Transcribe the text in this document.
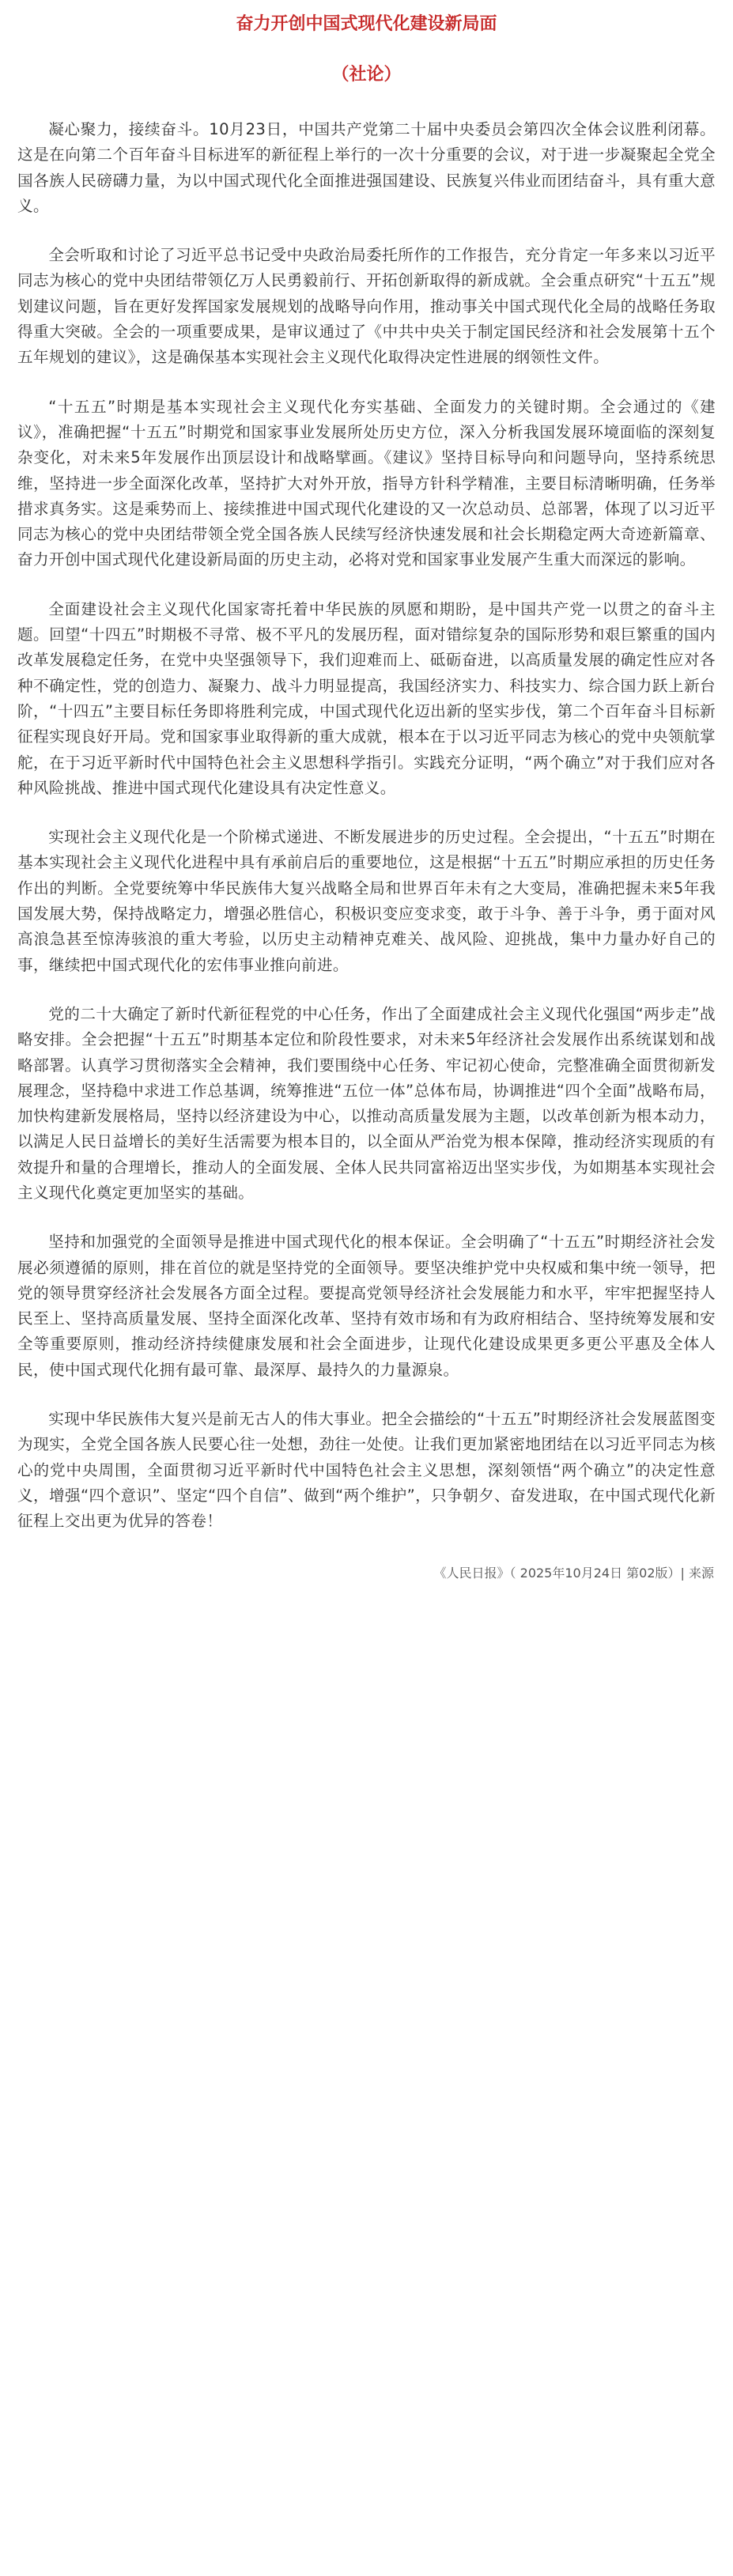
奋力开创中国式现代化建设新局面
（社论）

凝心聚力，接续奋斗。10月23日，中国共产党第二十届中央委员会第四次全体会议胜利闭幕。这是在向第二个百年奋斗目标进军的新征程上举行的一次十分重要的会议，对于进一步凝聚起全党全国各族人民磅礴力量，为以中国式现代化全面推进强国建设、民族复兴伟业而团结奋斗，具有重大意义。

全会听取和讨论了习近平总书记受中央政治局委托所作的工作报告，充分肯定一年多来以习近平同志为核心的党中央团结带领亿万人民勇毅前行、开拓创新取得的新成就。全会重点研究“十五五”规划建议问题，旨在更好发挥国家发展规划的战略导向作用，推动事关中国式现代化全局的战略任务取得重大突破。全会的一项重要成果，是审议通过了《中共中央关于制定国民经济和社会发展第十五个五年规划的建议》，这是确保基本实现社会主义现代化取得决定性进展的纲领性文件。

“十五五”时期是基本实现社会主义现代化夯实基础、全面发力的关键时期。全会通过的《建议》，准确把握“十五五”时期党和国家事业发展所处历史方位，深入分析我国发展环境面临的深刻复杂变化，对未来5年发展作出顶层设计和战略擘画。《建议》坚持目标导向和问题导向，坚持系统思维，坚持进一步全面深化改革，坚持扩大对外开放，指导方针科学精准，主要目标清晰明确，任务举措求真务实。这是乘势而上、接续推进中国式现代化建设的又一次总动员、总部署，体现了以习近平同志为核心的党中央团结带领全党全国各族人民续写经济快速发展和社会长期稳定两大奇迹新篇章、奋力开创中国式现代化建设新局面的历史主动，必将对党和国家事业发展产生重大而深远的影响。

全面建设社会主义现代化国家寄托着中华民族的夙愿和期盼，是中国共产党一以贯之的奋斗主题。回望“十四五”时期极不寻常、极不平凡的发展历程，面对错综复杂的国际形势和艰巨繁重的国内改革发展稳定任务，在党中央坚强领导下，我们迎难而上、砥砺奋进，以高质量发展的确定性应对各种不确定性，党的创造力、凝聚力、战斗力明显提高，我国经济实力、科技实力、综合国力跃上新台阶，“十四五”主要目标任务即将胜利完成，中国式现代化迈出新的坚实步伐，第二个百年奋斗目标新征程实现良好开局。党和国家事业取得新的重大成就，根本在于以习近平同志为核心的党中央领航掌舵，在于习近平新时代中国特色社会主义思想科学指引。实践充分证明，“两个确立”对于我们应对各种风险挑战、推进中国式现代化建设具有决定性意义。

实现社会主义现代化是一个阶梯式递进、不断发展进步的历史过程。全会提出，“十五五”时期在基本实现社会主义现代化进程中具有承前启后的重要地位，这是根据“十五五”时期应承担的历史任务作出的判断。全党要统筹中华民族伟大复兴战略全局和世界百年未有之大变局，准确把握未来5年我国发展大势，保持战略定力，增强必胜信心，积极识变应变求变，敢于斗争、善于斗争，勇于面对风高浪急甚至惊涛骇浪的重大考验，以历史主动精神克难关、战风险、迎挑战，集中力量办好自己的事，继续把中国式现代化的宏伟事业推向前进。

党的二十大确定了新时代新征程党的中心任务，作出了全面建成社会主义现代化强国“两步走”战略安排。全会把握“十五五”时期基本定位和阶段性要求，对未来5年经济社会发展作出系统谋划和战略部署。认真学习贯彻落实全会精神，我们要围绕中心任务、牢记初心使命，完整准确全面贯彻新发展理念，坚持稳中求进工作总基调，统筹推进“五位一体”总体布局，协调推进“四个全面”战略布局，加快构建新发展格局，坚持以经济建设为中心，以推动高质量发展为主题，以改革创新为根本动力，以满足人民日益增长的美好生活需要为根本目的，以全面从严治党为根本保障，推动经济实现质的有效提升和量的合理增长，推动人的全面发展、全体人民共同富裕迈出坚实步伐，为如期基本实现社会主义现代化奠定更加坚实的基础。

坚持和加强党的全面领导是推进中国式现代化的根本保证。全会明确了“十五五”时期经济社会发展必须遵循的原则，排在首位的就是坚持党的全面领导。要坚决维护党中央权威和集中统一领导，把党的领导贯穿经济社会发展各方面全过程。要提高党领导经济社会发展能力和水平，牢牢把握坚持人民至上、坚持高质量发展、坚持全面深化改革、坚持有效市场和有为政府相结合、坚持统筹发展和安全等重要原则，推动经济持续健康发展和社会全面进步，让现代化建设成果更多更公平惠及全体人民，使中国式现代化拥有最可靠、最深厚、最持久的力量源泉。

实现中华民族伟大复兴是前无古人的伟大事业。把全会描绘的“十五五”时期经济社会发展蓝图变为现实，全党全国各族人民要心往一处想，劲往一处使。让我们更加紧密地团结在以习近平同志为核心的党中央周围，全面贯彻习近平新时代中国特色社会主义思想，深刻领悟“两个确立”的决定性意义，增强“四个意识”、坚定“四个自信”、做到“两个维护”，只争朝夕、奋发进取，在中国式现代化新征程上交出更为优异的答卷！

《人民日报》（ 2025年10月24日 第02版）| 来源
